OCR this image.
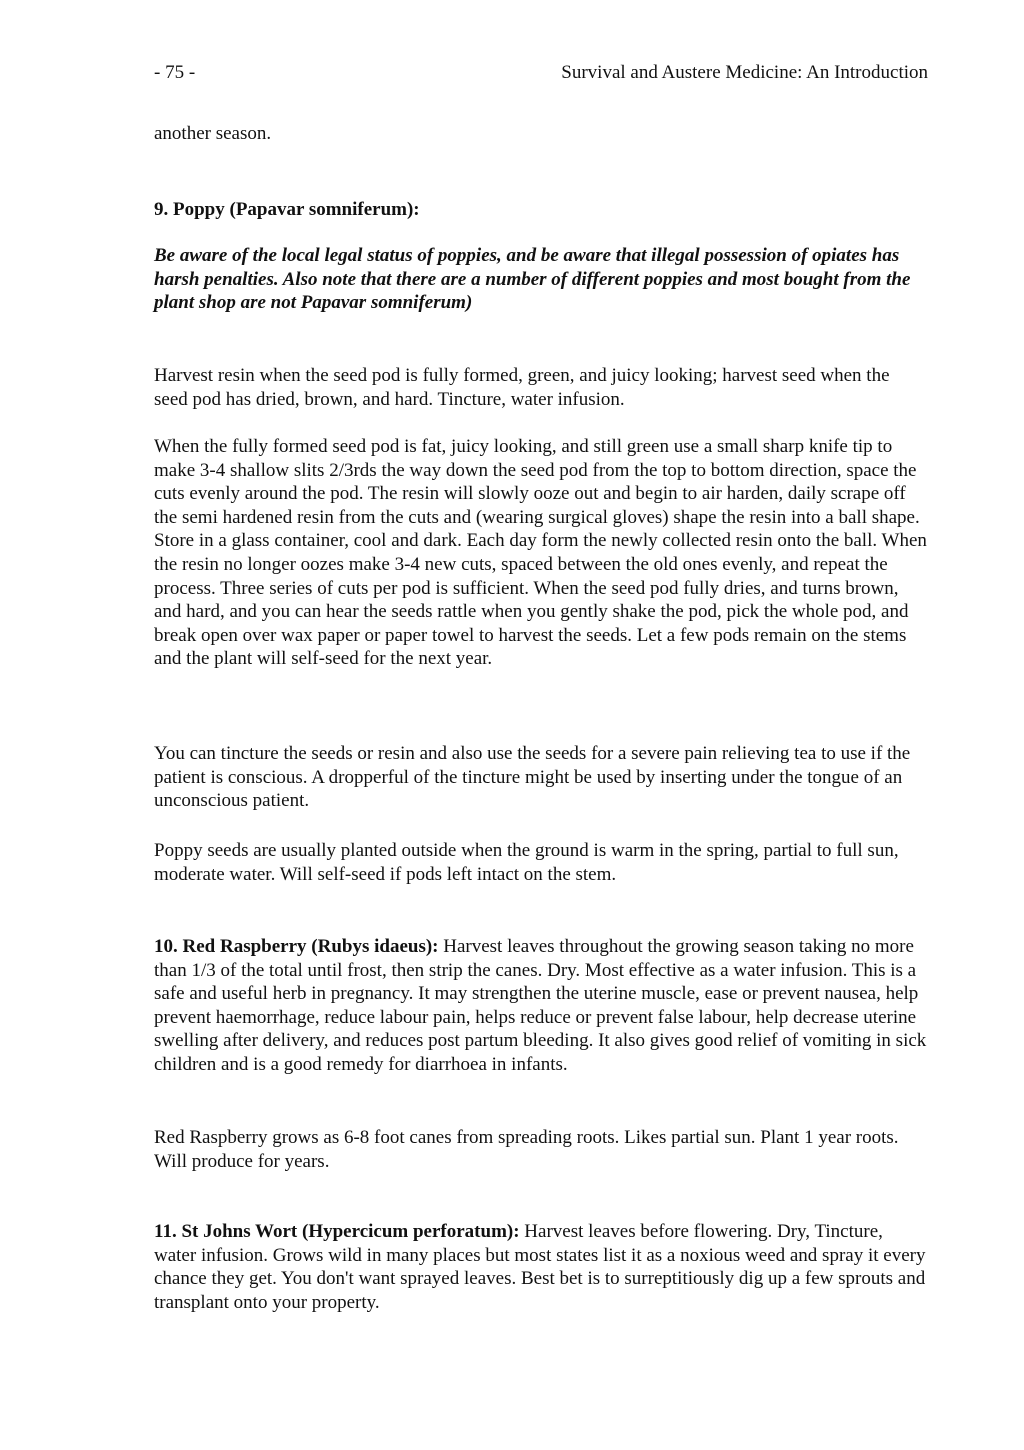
- 75 -	Survival and Austere Medicine: An Introduction

another season.

9. Poppy (Papavar somniferum):

Be aware of the local legal status of poppies, and be aware that illegal possession of opiates has harsh penalties. Also note that there are a number of different poppies and most bought from the plant shop are not Papavar somniferum)

Harvest resin when the seed pod is fully formed, green, and juicy looking; harvest seed when the seed pod has dried, brown, and hard. Tincture, water infusion.

When the fully formed seed pod is fat, juicy looking, and still green use a small sharp knife tip to make 3-4 shallow slits 2/3rds the way down the seed pod from the top to bottom direction, space the cuts evenly around the pod. The resin will slowly ooze out and begin to air harden, daily scrape off the semi hardened resin from the cuts and (wearing surgical gloves) shape the resin into a ball shape. Store in a glass container, cool and dark. Each day form the newly collected resin onto the ball. When the resin no longer oozes make 3-4 new cuts, spaced between the old ones evenly, and repeat the process. Three series of cuts per pod is sufficient. When the seed pod fully dries, and turns brown, and hard, and you can hear the seeds rattle when you gently shake the pod, pick the whole pod, and break open over wax paper or paper towel to harvest the seeds. Let a few pods remain on the stems and the plant will self-seed for the next year.

You can tincture the seeds or resin and also use the seeds for a severe pain relieving tea to use if the patient is conscious. A dropperful of the tincture might be used by inserting under the tongue of an unconscious patient.

Poppy seeds are usually planted outside when the ground is warm in the spring, partial to full sun, moderate water. Will self-seed if pods left intact on the stem.

10. Red Raspberry (Rubys idaeus): Harvest leaves throughout the growing season taking no more than 1/3 of the total until frost, then strip the canes. Dry. Most effective as a water infusion. This is a safe and useful herb in pregnancy. It may strengthen the uterine muscle, ease or prevent nausea, help prevent haemorrhage, reduce labour pain, helps reduce or prevent false labour, help decrease uterine swelling after delivery, and reduces post partum bleeding. It also gives good relief of vomiting in sick children and is a good remedy for diarrhoea in infants.

Red Raspberry grows as 6-8 foot canes from spreading roots. Likes partial sun. Plant 1 year roots. Will produce for years.

11. St Johns Wort (Hypercicum perforatum): Harvest leaves before flowering. Dry, Tincture, water infusion. Grows wild in many places but most states list it as a noxious weed and spray it every chance they get. You don't want sprayed leaves. Best bet is to surreptitiously dig up a few sprouts and transplant onto your property.
